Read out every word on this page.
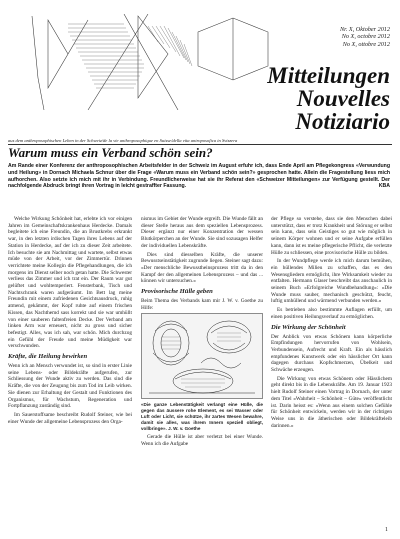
Nr. X, Oktober 2012
No X, octobre 2012
No X, ottobre 2012
Mitteilungen
Nouvelles
Notiziario
aus dem anthroposophischen Leben in der Schweiz/de la vie anthroposophique en Suisse/della vita antroposofica in Svizzera
Warum muss ein Verband schön sein?
Am Rande einer Konferenz der anthroposophischen Arbeitsfelder in der Schweiz im August erfuhr ich, dass Ende April am Pflegekongress «Verwundung und Heilung» in Dornach Michaela Schnur über die Frage «Warum muss ein Verband schön sein?» gesprochen hatte. Allein die Fragestellung liess mich aufhorchen. Also setzte ich mich mit ihr in Verbindung. Freundlicherweise hat sie ihr Referat den «Schweizer Mitteilungen» zur Verfügung gestellt. Der nachfolgende Abdruck bringt ihren Vortrag in leicht gestraffter Fassung.	KBA

Welche Wirkung Schönheit hat, erlebte ich vor einigen Jahren im Gemeinschaftskrankenhaus Herdecke. Damals begleitete ich eine Freundin, die an Brustkrebs erkrankt war, in den letzten irdischen Tagen ihres Lebens auf der Station in Herdecke, auf der ich zu dieser Zeit arbeitete. Ich besuchte sie am Nachmittag und wartete, selbst etwas müde von der Arbeit, vor der Zimmertür. Drinnen verrichtete meine Kollegin die Pflegehandlungen, die ich morgens im Dienst selber noch getan hatte. Die Schwester verliess das Zimmer und ich trat ein. Der Raum war gut gelüftet und wohltemperiert. Fensterbank, Tisch und Nachtschrank waren aufgeräumt. Im Bett lag meine Freundin mit einem zufriedenen Gesichtsausdruck, ruhig atmend, gekämmt, der Kopf ruhte auf einem frischen Kissen, das Nachthemd sass korrekt und sie war umhüllt von einer sauberen faltenfreien Decke. Der Verband am linken Arm war erneuert, nicht zu gross und sicher befestigt. Alles, was ich sah, war schön. Mich durchzog ein Gefühl der Freude und meine Müdigkeit war verschwunden.

Kräfte, die Heilung bewirken

Wenn ich an Mensch verwundet ist, so sind in erster Linie seine Lebens- oder Bildekräfte aufgerufen, zur Schliessung der Wunde aktiv zu werden. Das sind die Kräfte, die von der Zeugung bis zum Tod im Leib wirken. Sie dienen zur Erhaltung der Gestalt und Funktionen des Organismus, für Wachstum, Regeneration und Fortpflanzung zuständig sind.

Im Sauerstoffsame beschreibt Rudolf Steiner, wie bei einer Wunde der allgemeine Lebensprozess den Orga-

nismus im Gebiet der Wunde ergreift. Die Wunde fällt an dieser Stelle heraus aus dem speziellen Lebensprozess. Dieser ergänzt nur einer Konzentration der wessen Blutkörperchen an der Wunde. Sie sind sozusagen Helfer der individuellen Lebenskräfte.

Dies sind diesselben Kräfte, die unserer Bewusstseinstätigkeit zugrunde liegen. Steiner sagt dazu: «Der menschliche Bewusstheinsprozess tritt da in den Kampf der den allgemeinen Lebensprozess – und das ... können wir untersuchen.»

Provisorische Hülle geben

Beim Thema des Verbands kam mir J. W. v. Goethe zu Hilfe:

«Die ganze Lebenstätigkeit verlangt eine Hülle, die gegen das äussere rohe Element, es sei Wasser oder Luft oder Licht, sie schütze, ihr zartes Wesen bewahre, damit sie alles, was ihrem Innern speziell obliegt, vollbringe». J. W. v. Goethe

Gerade die Hülle ist aber verletzt bei einer Wunde. Wenn ich die Aufgabe

der Pflege so verstehe, dass sie den Menschen dabei unterstützt, dass er trotz Krankheit und Störung er selbst sein kann, dass sein Geistiges so gut wie möglich in seinem Körper wohnen und er seine Aufgabe erfüllen kann, dann ist es meine pflegerische Pflicht, die verletzte Hülle zu schliessen, eine provisorische Hülle zu bilden.

In der Wundpflege werde ich mich darum bemühen, ein hüllendes Milieu zu schaffen, das es den Wesensgliedern ermöglicht, ihre Wirksamkeit wieder zu entfalten. Hermann Glaser beschreibt das anschaulich in seinem Buch «Erfolgreiche Wundbehandlung»: «Die Wunde muss sauber, mechanisch geschützt, feucht, luftig umhüllend und wärmend verbunden werden.»

Es betrieben also bestimmte Auflagen erfüllt, um einen positiven Heilungsverlauf zu ermöglichen.

Die Wirkung der Schönheit

Der Anblick von etwas Schönem kann körperliche Empfindungen hervorrufen von Wohlsein, Verbundensein, Aufrecht und Kraft. Ein als hässlich empfundenes Kunstwerk oder ein hässlicher Ort kann dagegen durchaus Kopfschmerzen, Übelkeit und Schwäche erzeugen.

Die Wirkung von etwas Schönem oder Hässlichem geht direkt bis in die Lebenskräfte. Am 19. Januar 1923 hielt Rudolf Steiner einen Vortrag in Dornach, der unter dem Titel «Wahrheit – Schönheit – Güte» veröffentlicht ist. Darin heisst es: «Wenn aus einem solchen Gefühle für Schönheit entwickeln, werden wir in der richtigen Weise uns in die ätherischen oder Bildekräfteleib darinnen.»

1
